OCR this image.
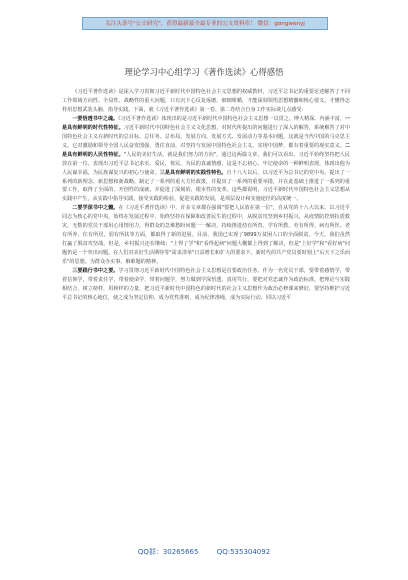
关注头条号"公文研究"，获得最新最全最专业的公文资料库！ 微信：gongwenyj
理论学习中心组学习《著作选读》心得感悟

《习近平著作选读》是深入学习贯彻习近平新时代中国特色社会主义思想的权威教材，习近平总书记的重要论述解答了不同工作领域方向性、全局性、战略性的重大问题，只有沉下心反复琢磨、细细咀嚼，才能深刻领悟思想精髓和核心要义，才懂得怎样用思想武装头脑、指导实践。下面，就《习近平著作选读》第一卷、第二卷结合自身工作实际谈几点感受：

一要悟透书中之魂。《习近平著作选读》体现出的是习近平新时代中国特色社会主义思想一以贯之、博大精深、内涵丰富，一是具有鲜明的时代性特征。习近平新时代中国特色社会主义文化思想，对时代所提出的问题进行了深入的解答，系统解答了对中国特色社会主义在新时代的总目标、总任务、总布局、发展方向、发展方式、发展动力等基本问题，这就是当代中国的马克思主义。它对激励和领导全国人民奋发图强、勇往直前，对坚持与发展中国特色社会主义，实现中国梦，都有着重要的现实意义。二是具有鲜明的人民性特征。"人民的美好生活，就是我们努力的方向"，通过这两篇文章，我们可以看出，习近平始终坚持把人民放在第一位，表现出习近平总书记求实、爱民、忧民、为民的真诚情感，这是不忘初心、牢记使命的一种鲜明表现，体现出他为人民谋幸福，为民族谋复兴的初心与使命。三是具有鲜明的实践性特色。自十八大以后，以习近平为总书记的党中央，提出了一系列的新理念、新思想和新战略，制定了一系列的重大方针政策，并提出了一系列的重要举措，并在此基础上推进了一系列的重要工作，取得了全面的、开创性的成就，并促进了深刻的、根本性的变革。这些都说明，习近平新时代中国特色社会主义思想从实践中产生，从实践中指导实践，接受实践的检验，促进实践的发展，是项层设计和实施途径的高度统一。

二要学深书中之髓。在《习近平著作选读》中，许多文章都在强调"要把人民放在第一位"，自从党的十八大以来，以习近平同志为核心的党中央，始终在发展过程中，始终坚持在保障和改善民生的过程中，从脱贫攻坚到乡村振兴，从疫情防控到抗震救灾，无数的党员干部用心用情用力，得群众的急难愁盼问题一一解决，持续推进幼有所育、学有所教、劳有所得、病有所医、老有所养、住有所居、弱有所扶等方面，都取得了新的进展。目前，我国已实现了9899万贫困人口的全面脱贫。今天，我们虽然打赢了脱贫攻坚战。但是，乡村振兴还在继续；"上得了学"和"看得起病"问题大概都上得到了解决，但是"上好学"和"看好病"问题仍是一个突出问题。在人们对美好生活期待等"需求清单"日益增长和扩大的要求下，新时代的共产党员要时刻上"后天下之乐而乐"的思想，为群众办实事、解难题的精神。

三要践行书中之要。学习贯彻习近平新时代中国特色社会主义思想是首要政治任务。作为一名党员干部，要带着感情学，带着信仰学，带着责任学，带着使命学，带着问题学，努力做到学深悟透，真用笃行，要把对党忠诚作为政治标准，把理论与实践相结合，树立榜样，用榜样的力量，把习近平新时代中国特色的新时代的社会主义思想作为政治必修课来修好，要坚持维护习近平总书记的核心地位，使之成为坚定信仰，成为党性准则，成为纪律准绳，成为实际行动，同以习近平

QQ群：30265665	QQ:535304092
